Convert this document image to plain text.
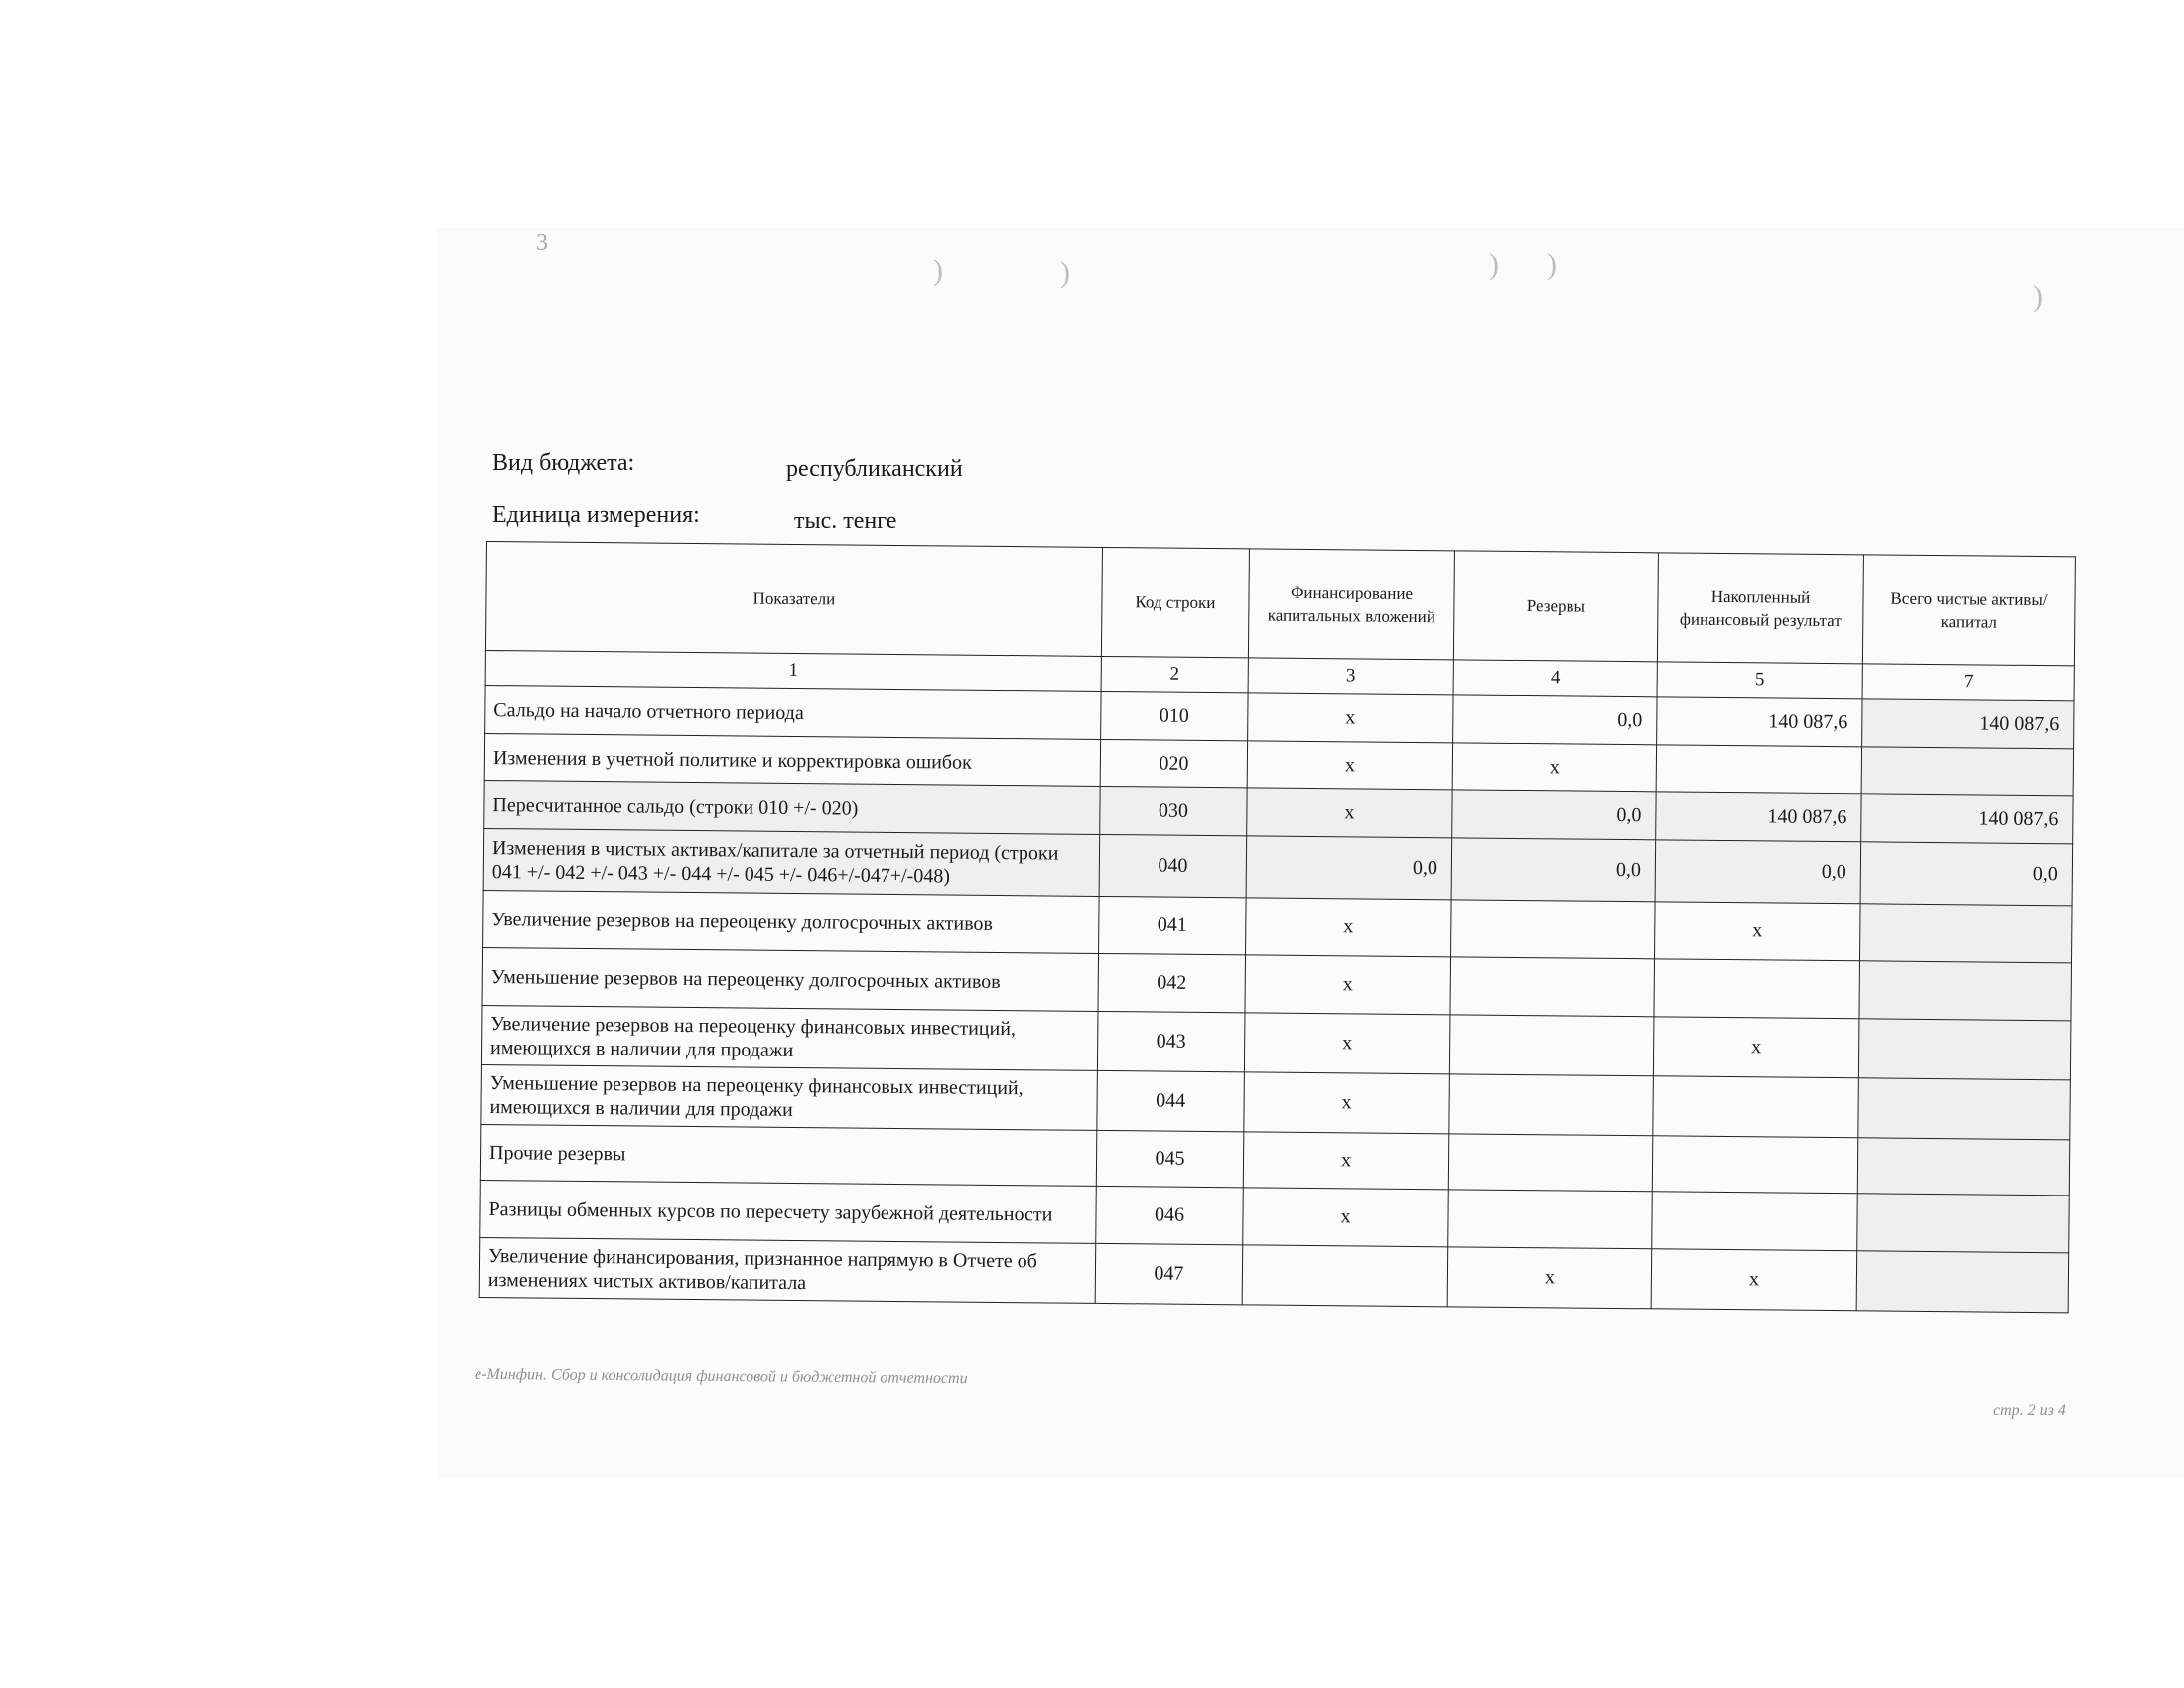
3
)	)	) )
)
Вид бюджета:	республиканский
Единица измерения:	тыс. тенге
Показатели	Код строки	Финансирование капитальных вложений	Резервы	Накопленный финансовый результат	Всего чистые активы/ капитал
1	2	3	4	5	7
Сальдо на начало отчетного периода	010	x	0,0	140 087,6	140 087,6
Изменения в учетной политике и корректировка ошибок	020	x	x		
Пересчитанное сальдо (строки 010 +/- 020)	030	x	0,0	140 087,6	140 087,6
Изменения в чистых активах/капитале за отчетный период (строки 041 +/- 042 +/- 043 +/- 044 +/- 045 +/- 046+/-047+/-048)	040	0,0	0,0	0,0	0,0
Увеличение резервов на переоценку долгосрочных активов	041	x		x	
Уменьшение резервов на переоценку долгосрочных активов	042	x			
Увеличение резервов на переоценку финансовых инвестиций, имеющихся в наличии для продажи	043	x		x	
Уменьшение резервов на переоценку финансовых инвестиций, имеющихся в наличии для продажи	044	x			
Прочие резервы	045	x			
Разницы обменных курсов по пересчету зарубежной деятельности	046	x			
Увеличение финансирования, признанное напрямую в Отчете об изменениях чистых активов/капитала	047		x	x	
е-Минфин. Сбор и консолидация финансовой и бюджетной отчетности
стр. 2 из 4
